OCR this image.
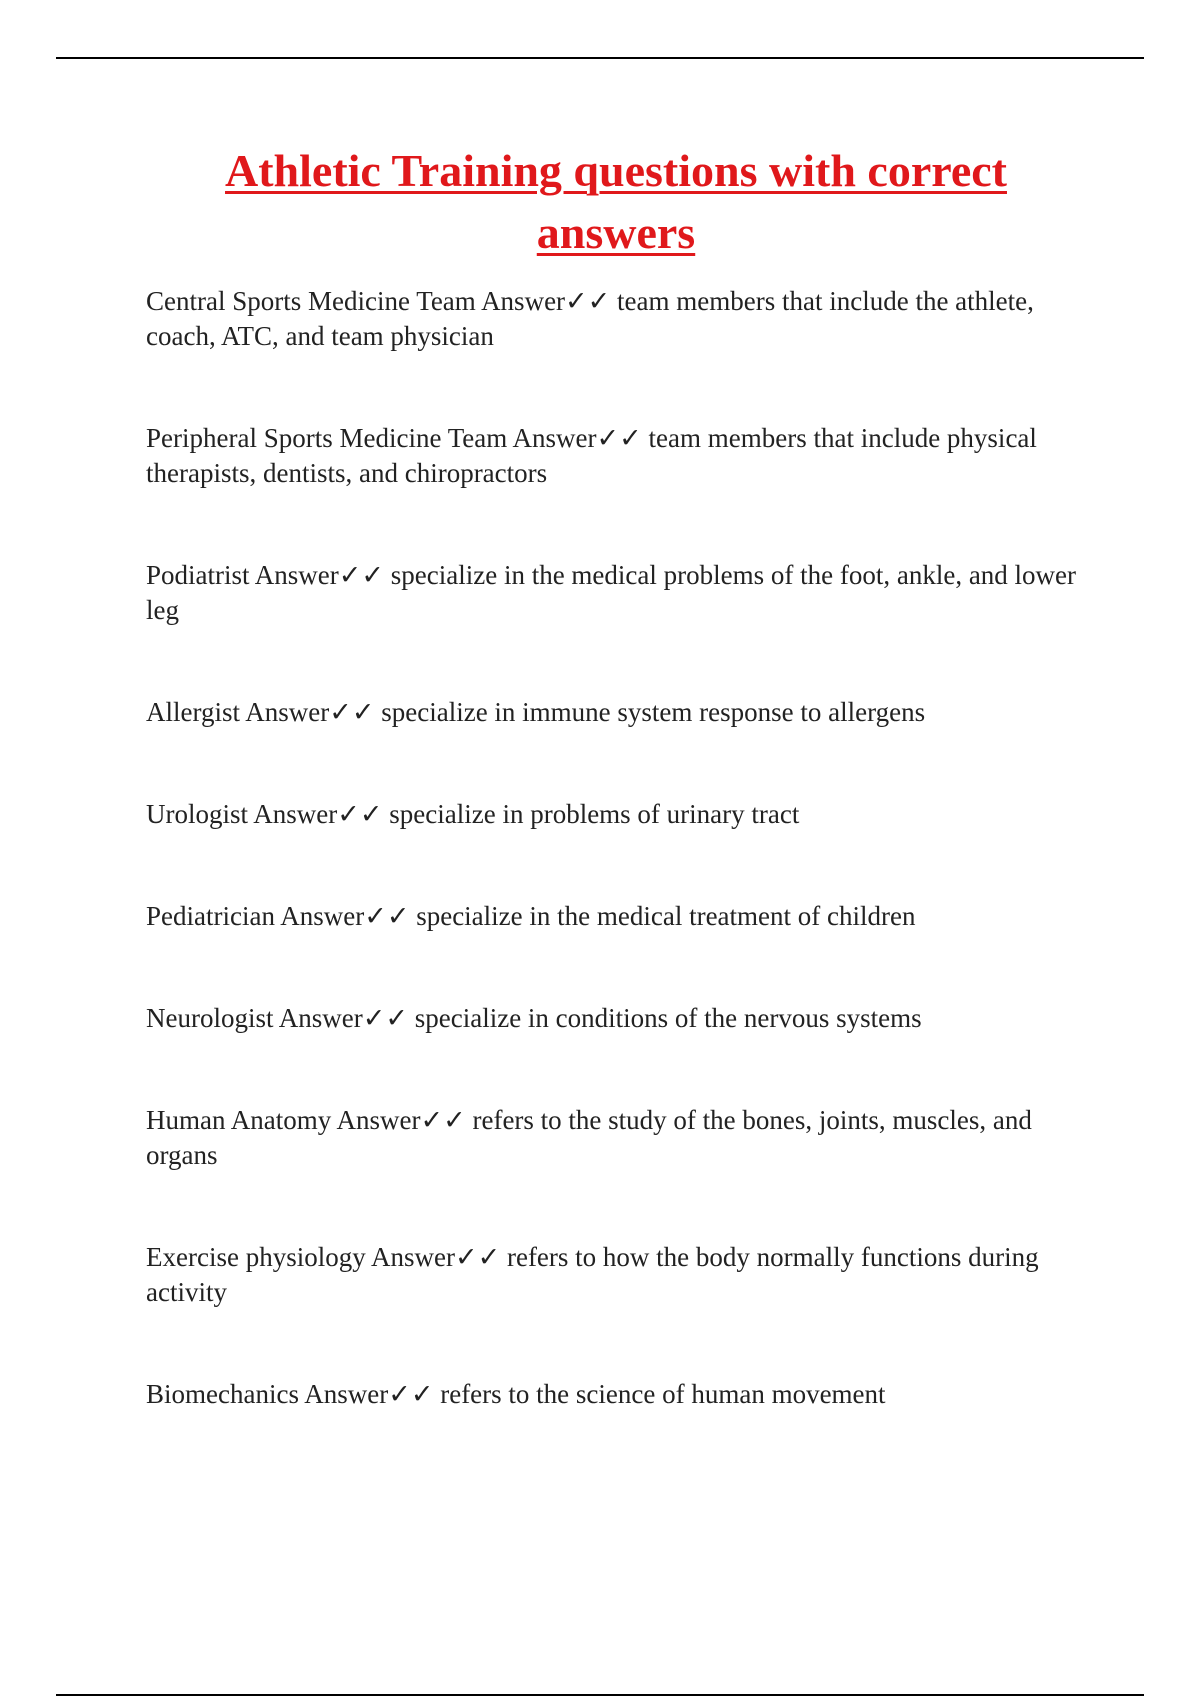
Athletic Training questions with correct
answers
Central Sports Medicine Team Answer✓✓ team members that include the athlete, coach, ATC, and team physician
Peripheral Sports Medicine Team Answer✓✓ team members that include physical therapists, dentists, and chiropractors
Podiatrist Answer✓✓ specialize in the medical problems of the foot, ankle, and lower leg
Allergist Answer✓✓ specialize in immune system response to allergens
Urologist Answer✓✓ specialize in problems of urinary tract
Pediatrician Answer✓✓ specialize in the medical treatment of children
Neurologist Answer✓✓ specialize in conditions of the nervous systems
Human Anatomy Answer✓✓ refers to the study of the bones, joints, muscles, and organs
Exercise physiology Answer✓✓ refers to how the body normally functions during activity
Biomechanics Answer✓✓ refers to the science of human movement
